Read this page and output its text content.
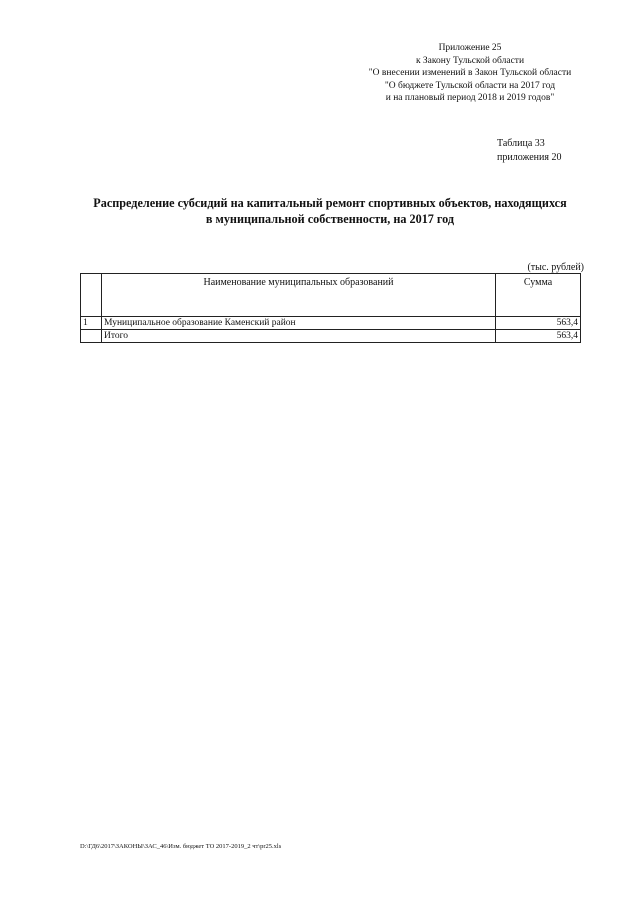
Приложение 25
к Закону Тульской области
"О внесении изменений в Закон Тульской области
"О бюджете Тульской области на 2017 год
и на плановый период 2018 и 2019 годов"
Таблица 33
приложения 20
Распределение субсидий на капитальный ремонт спортивных объектов, находящихся
в муниципальной собственности, на 2017 год
(тыс. рублей)
	Наименование муниципальных образований	Сумма
1	Муниципальное образование Каменский район	563,4
	Итого	563,4
D:\ГД6\2017\ЗАКОНЫ\ЗАС_46\Изм. бюджет ТО 2017-2019_2 чт\pr25.xls
